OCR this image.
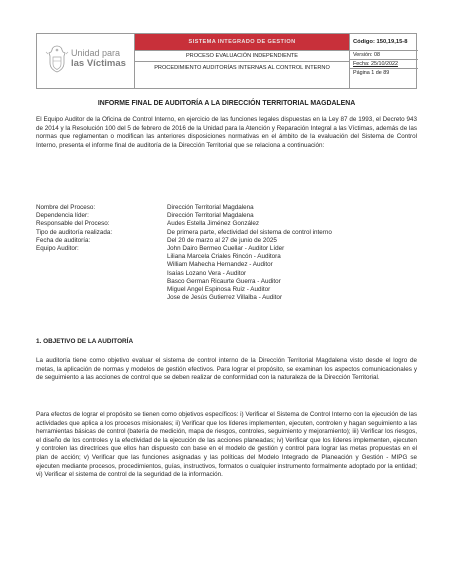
Unidad para
las Víctimas
SISTEMA INTEGRADO DE GESTION
PROCESO EVALUACIÓN INDEPENDIENTE
PROCEDIMIENTO AUDITORÍAS INTERNAS AL CONTROL INTERNO
Código: 150,19,15-8
Versión: 08
Fecha: 25/10/2022
Página 1 de 89
INFORME FINAL DE AUDITORÍA A LA DIRECCIÓN TERRITORIAL MAGDALENA
El Equipo Auditor de la Oficina de Control Interno, en ejercicio de las funciones legales dispuestas en la Ley 87 de 1993, el Decreto 943 de 2014 y la Resolución 100 del 5 de febrero de 2016 de la Unidad para la Atención y Reparación Integral a las Víctimas, además de las normas que reglamentan o modifican las anteriores disposiciones normativas en el ámbito de la evaluación del Sistema de Control Interno, presenta el informe final de auditoría de la Dirección Territorial que se relaciona a continuación:
Nombre del Proceso:	Dirección Territorial Magdalena
Dependencia líder:	Dirección Territorial Magdalena
Responsable del Proceso:	Audes Estella Jiménez González
Tipo de auditoría realizada:	De primera parte, efectividad del sistema de control interno
Fecha de auditoría:	Del 20 de marzo al 27 de junio de 2025
Equipo Auditor:	John Dairo Bermeo Cuellar - Auditor Líder
Liliana Marcela Criales Rincón - Auditora
William Mahecha Hernandez - Auditor
Isaías Lozano Vera - Auditor
Basco German Ricaurte Guerra - Auditor
Miguel Angel Espinosa Ruiz - Auditor
Jose de Jesús Gutierrez Villalba - Auditor
1. OBJETIVO DE LA AUDITORÍA
La auditoría tiene como objetivo evaluar el sistema de control interno de la Dirección Territorial Magdalena visto desde el logro de metas, la aplicación de normas y modelos de gestión efectivos. Para lograr el propósito, se examinan los aspectos comunicacionales y de seguimiento a las acciones de control que se deben realizar de conformidad con la naturaleza de la Dirección Territorial.
Para efectos de lograr el propósito se tienen como objetivos específicos: i) Verificar el Sistema de Control Interno con la ejecución de las actividades que aplica a los procesos misionales; ii) Verificar que los líderes implementen, ejecuten, controlen y hagan seguimiento a las herramientas básicas de control (batería de medición, mapa de riesgos, controles, seguimiento y mejoramiento); iii) Verificar los riesgos, el diseño de los controles y la efectividad de la ejecución de las acciones planeadas; iv) Verificar que los líderes implementen, ejecuten y controlen las directrices que ellos han dispuesto con base en el modelo de gestión y control para lograr las metas propuestas en el plan de acción; v) Verificar que las funciones asignadas y las políticas del Modelo Integrado de Planeación y Gestión - MIPG se ejecuten mediante procesos, procedimientos, guías, instructivos, formatos o cualquier instrumento formalmente adoptado por la entidad; vi) Verificar el sistema de control de la seguridad de la información.
